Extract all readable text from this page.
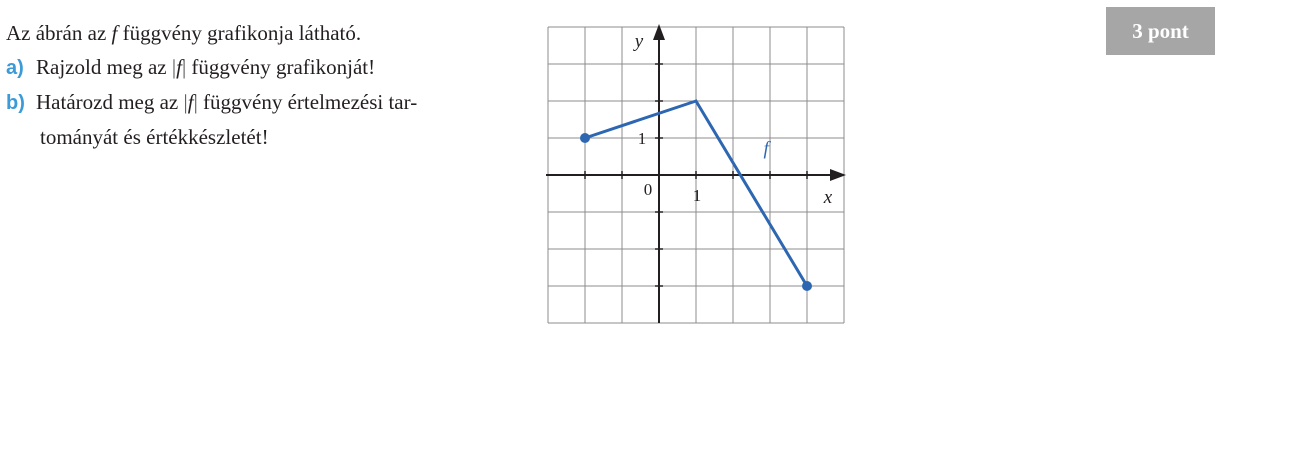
Az ábrán az f függvény grafikonja látható.
a) Rajzold meg az |f| függvény grafikonját!
b) Határozd meg az |f| függvény értelmezési tar-
tományát és értékkészletét!
3 pont
x
y
0 1
1	f
